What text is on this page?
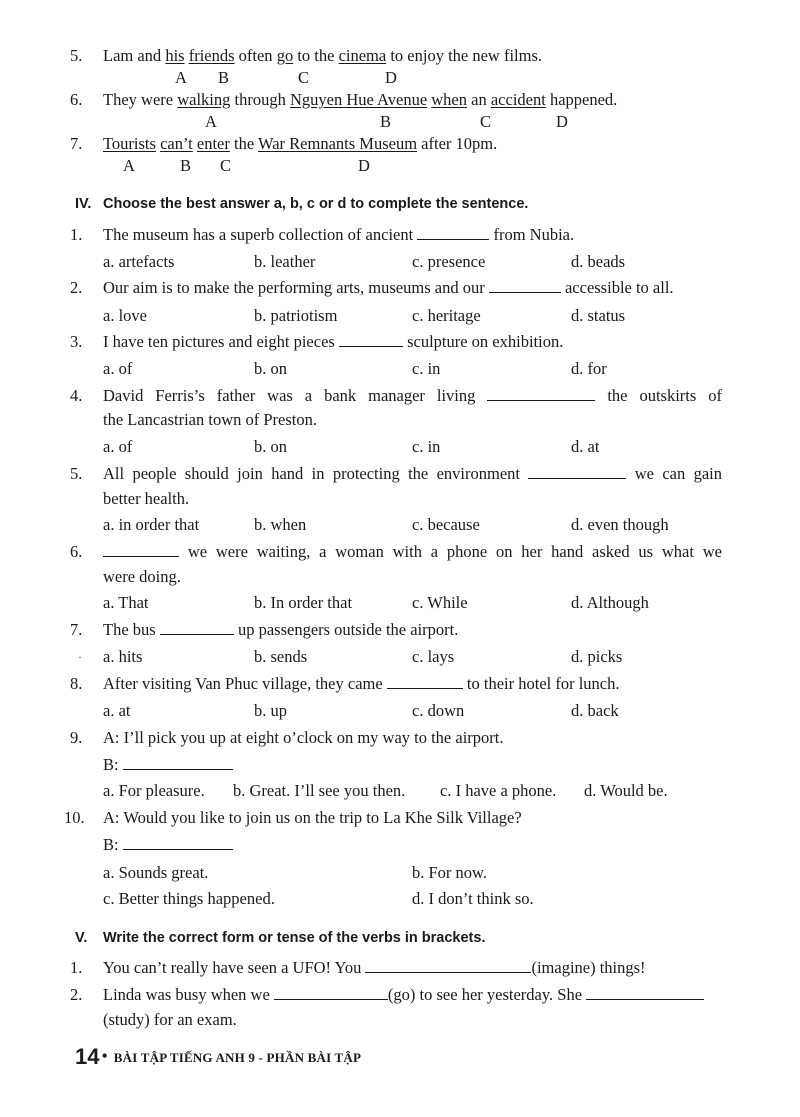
5. Lam and his friends often go to the cinema to enjoy the new films.
A B	C	D
6. They were walking through Nguyen Hue Avenue when an accident happened.
A	B	C	D
7. Tourists can’t enter the War Remnants Museum after 10pm.
A	B C	D
IV. Choose the best answer a, b, c or d to complete the sentence.
1. The museum has a superb collection of ancient	from Nubia.
a. artefacts	b. leather	c. presence	d. beads
2. Our aim is to make the performing arts, museums and our	accessible to all.
a. love	b. patriotism	c. heritage	d. status
3. I have ten pictures and eight pieces	sculpture on exhibition.
a. of	b. on	c. in	d. for
4. David Ferris’s father was a bank manager living	the outskirts of
the Lancastrian town of Preston.
a. of	b. on	c. in	d. at
5. All people should join hand in protecting the environment	we can gain
better health.
a. in order that	b. when	c. because	d. even though
6.	we were waiting, a woman with a phone on her hand asked us what we
were doing.
a. That	b. In order that	c. While	d. Although
7. The bus	up passengers outside the airport.
· a. hits	b. sends	c. lays	d. picks
8. After visiting Van Phuc village, they came	to their hotel for lunch.
a. at	b. up	c. down	d. back
9. A: I’ll pick you up at eight o’clock on my way to the airport.
B:
a. For pleasure. b. Great. I’ll see you then. c. I have a phone. d. Would be.
10. A: Would you like to join us on the trip to La Khe Silk Village?
B:
a. Sounds great.	b. For now.
c. Better things happened.	d. I don’t think so.
V. Write the correct form or tense of the verbs in brackets.
1. You can’t really have seen a UFO! You	(imagine) things!
2. Linda was busy when we	(go) to see her yesterday. She
(study) for an exam.
14 • BÀI TẬP TIẾNG ANH 9 - PHẦN BÀI TẬP
